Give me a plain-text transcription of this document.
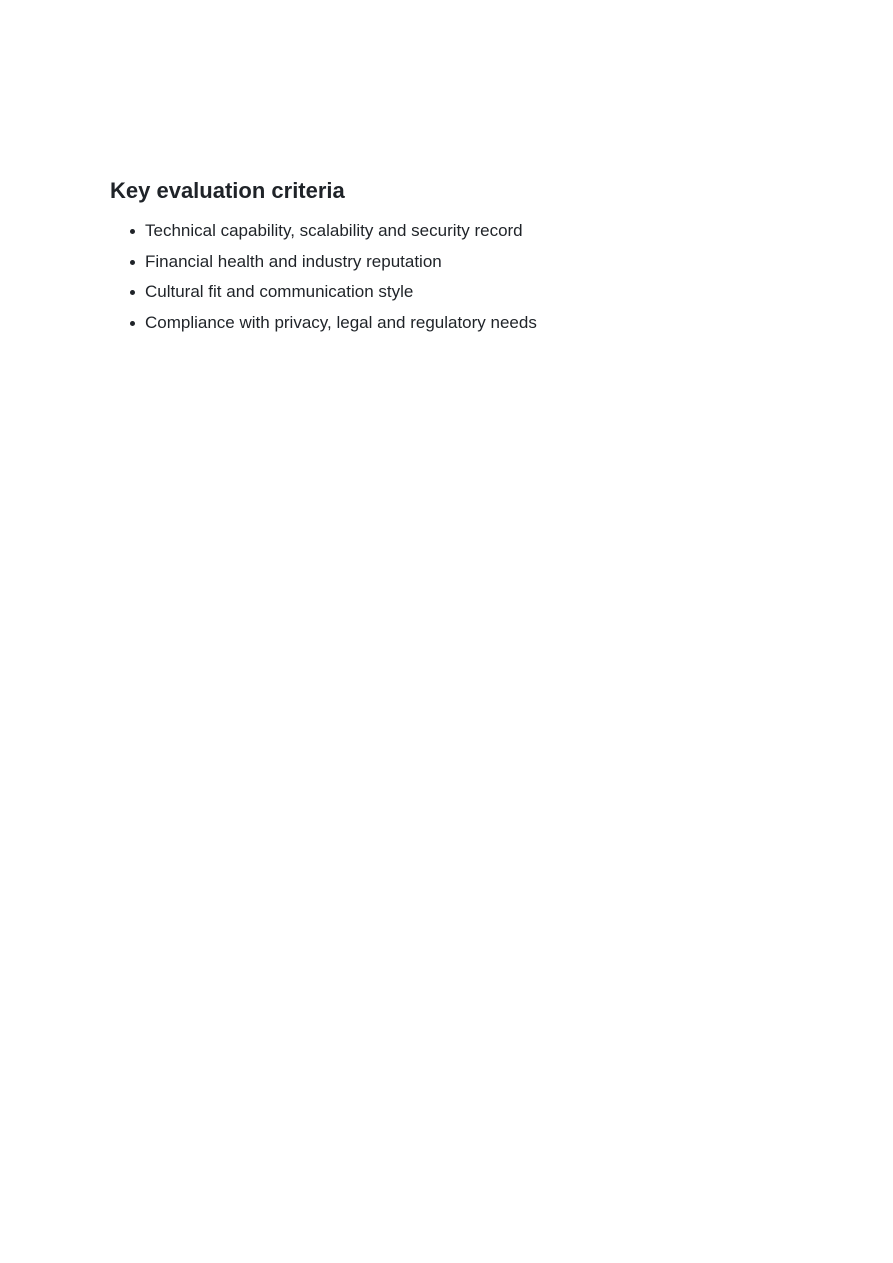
Key evaluation criteria
Technical capability, scalability and security record
Financial health and industry reputation
Cultural fit and communication style
Compliance with privacy, legal and regulatory needs
